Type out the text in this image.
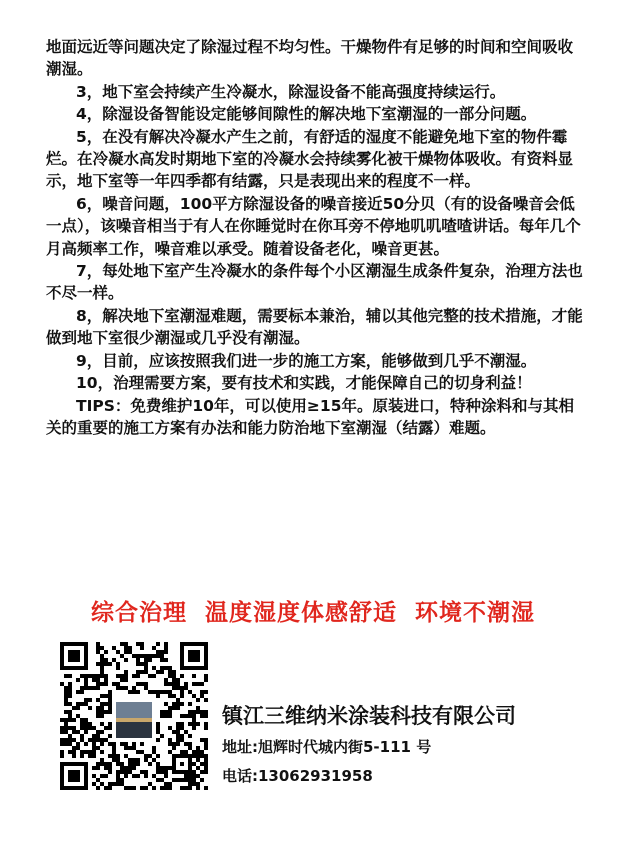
地面远近等问题决定了除湿过程不均匀性。干燥物件有足够的时间和空间吸收潮湿。

3，地下室会持续产生冷凝水，除湿设备不能高强度持续运行。

4，除湿设备智能设定能够间隙性的解决地下室潮湿的一部分问题。

5，在没有解决冷凝水产生之前，有舒适的湿度不能避免地下室的物件霉烂。在冷凝水高发时期地下室的冷凝水会持续雾化被干燥物体吸收。有资料显示，地下室等一年四季都有结露，只是表现出来的程度不一样。

6，噪音问题，100平方除湿设备的噪音接近50分贝（有的设备噪音会低一点），该噪音相当于有人在你睡觉时在你耳旁不停地叽叽喳喳讲话。每年几个月高频率工作，噪音难以承受。随着设备老化，噪音更甚。

7，每处地下室产生冷凝水的条件每个小区潮湿生成条件复杂，治理方法也不尽一样。

8，解决地下室潮湿难题，需要标本兼治，辅以其他完整的技术措施，才能做到地下室很少潮湿或几乎没有潮湿。

9，目前，应该按照我们进一步的施工方案，能够做到几乎不潮湿。

10，治理需要方案，要有技术和实践，才能保障自己的切身利益！

TIPS：免费维护10年，可以使用≥15年。原装进口，特种涂料和与其相关的重要的施工方案有办法和能力防治地下室潮湿（结露）难题。

综合治理  温度湿度体感舒适  环境不潮湿
镇江三维纳米涂装科技有限公司
地址:旭辉时代城内街5-111 号
电话:13062931958
